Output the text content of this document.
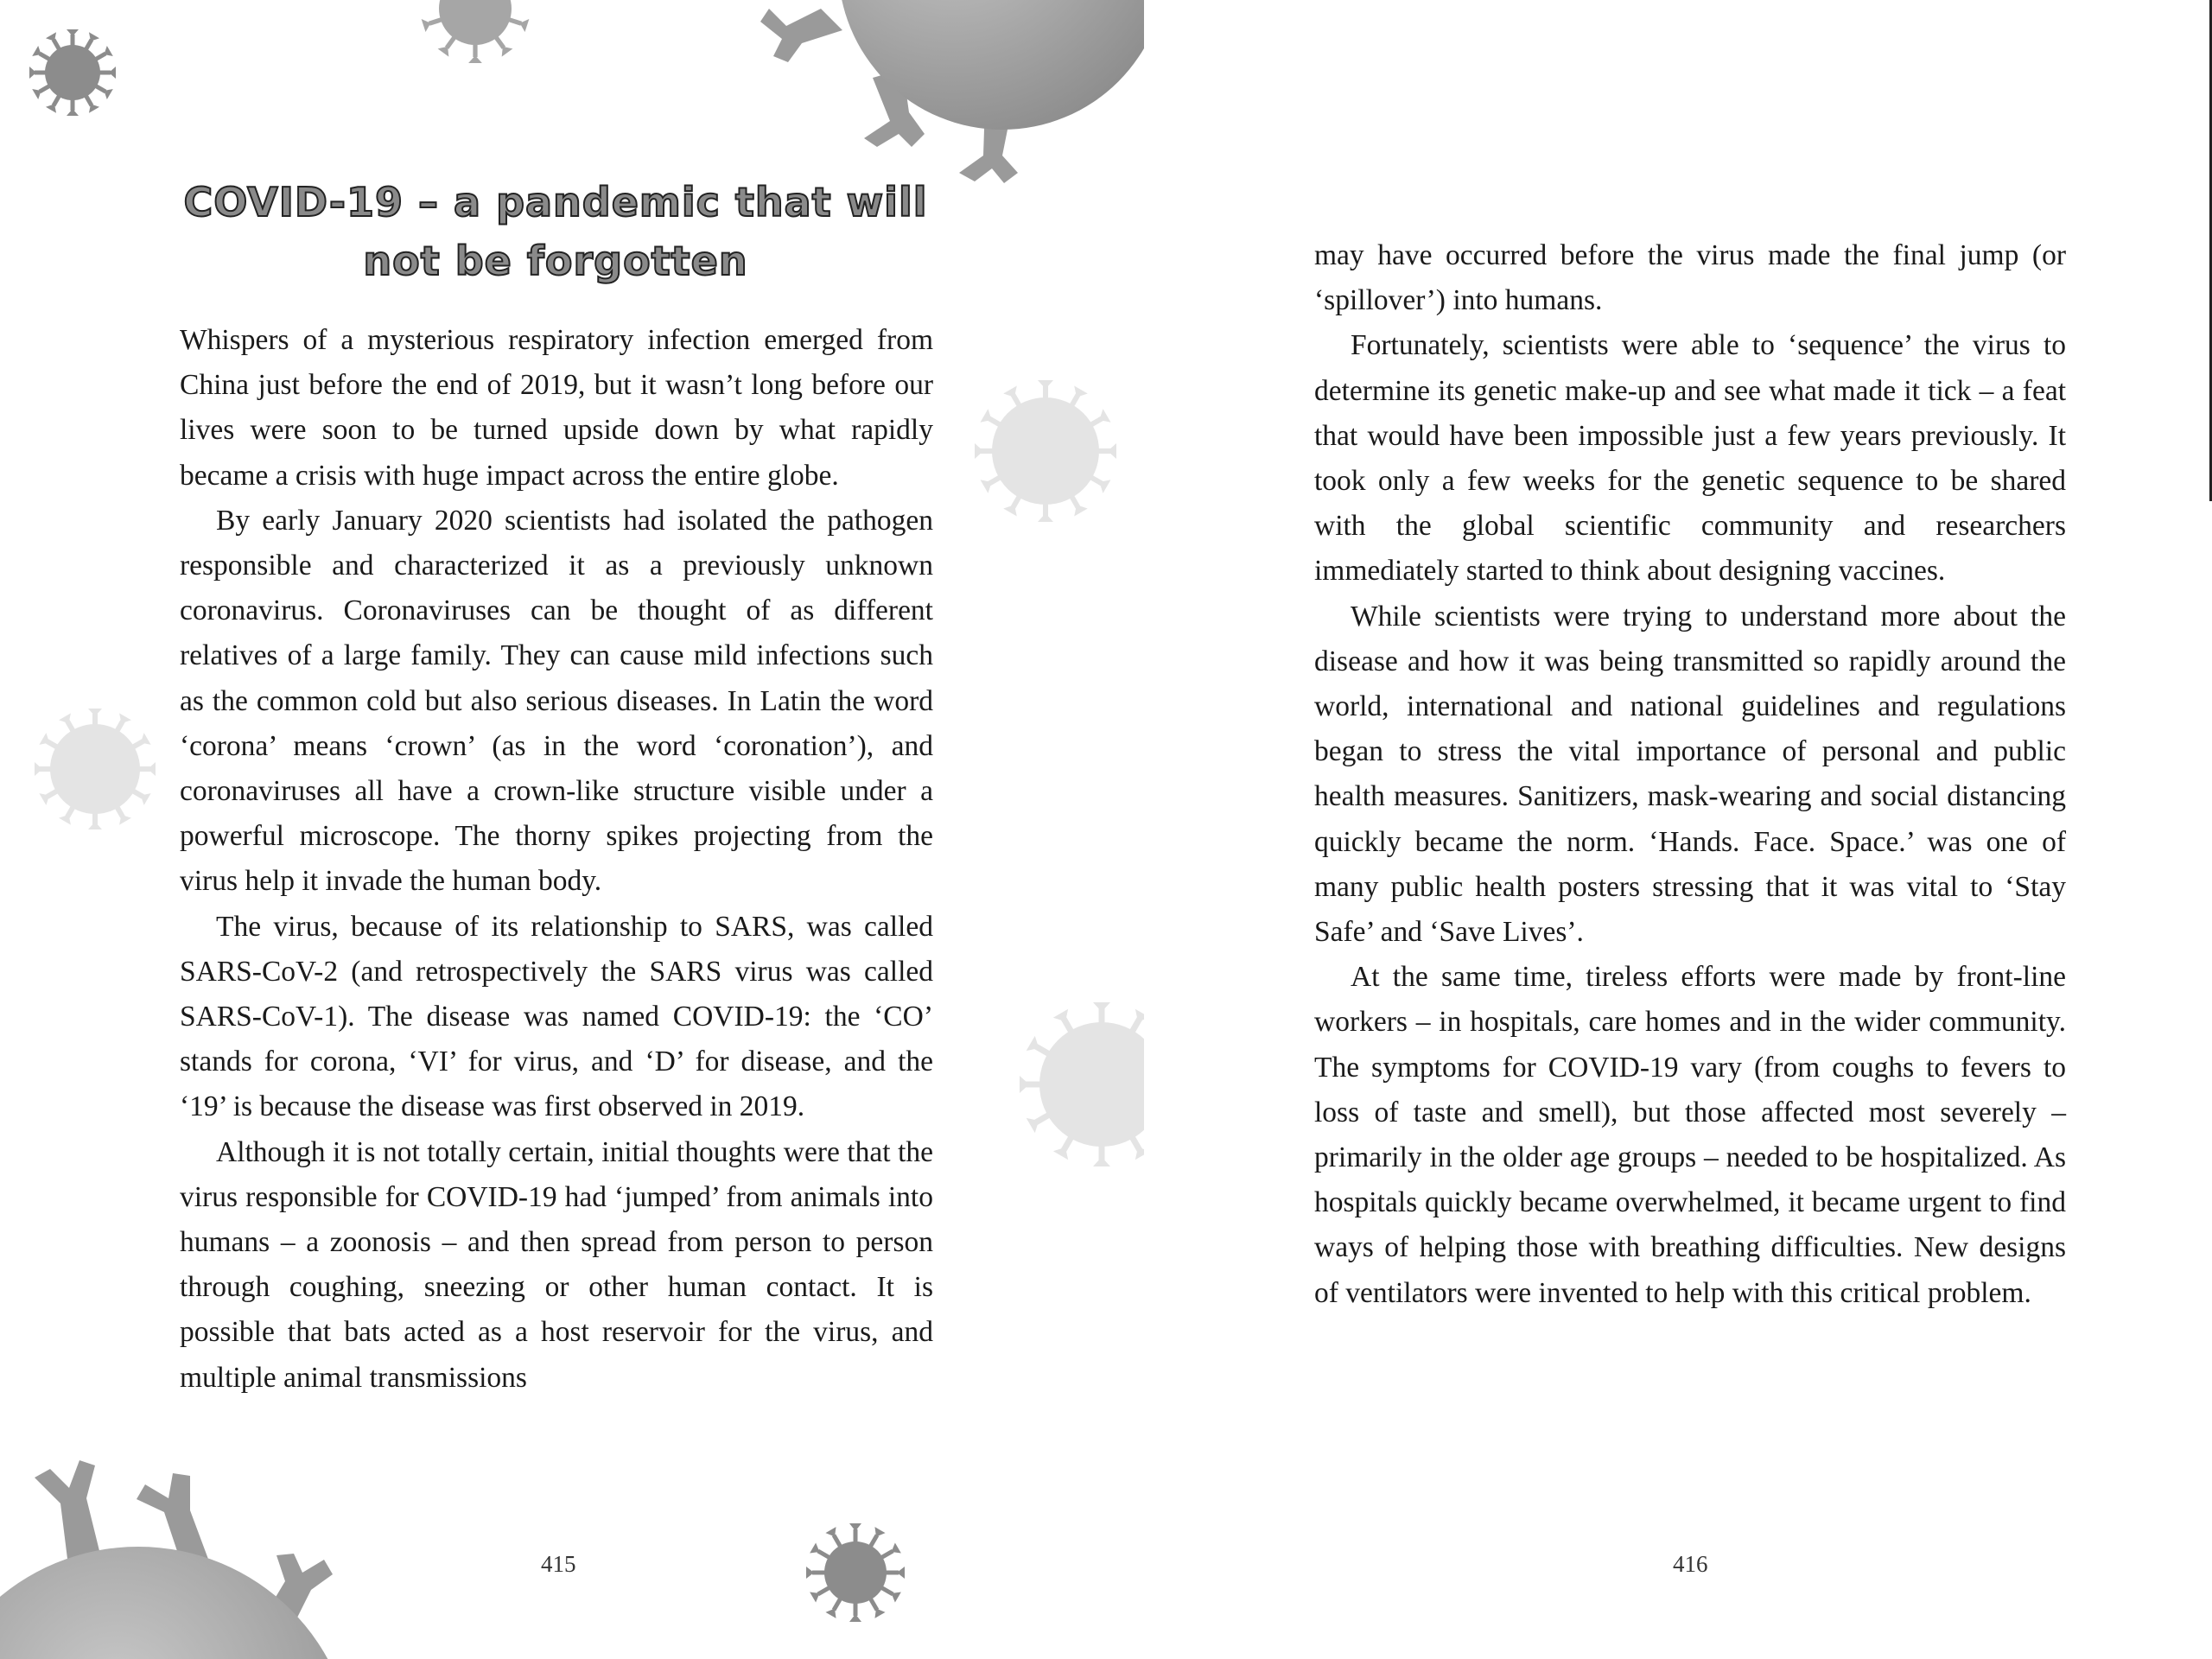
COVID-19 – a pandemic that will not be forgotten

Whispers of a mysterious respiratory infection emerged from China just before the end of 2019, but it wasn’t long before our lives were soon to be turned upside down by what rapidly became a crisis with huge impact across the entire globe.

By early January 2020 scientists had isolated the pathogen responsible and characterized it as a previously unknown coronavirus. Coronaviruses can be thought of as different relatives of a large family. They can cause mild infections such as the common cold but also serious diseases. In Latin the word ‘corona’ means ‘crown’ (as in the word ‘coronation’), and coronaviruses all have a crown-like structure visible under a powerful microscope. The thorny spikes projecting from the virus help it invade the human body.

The virus, because of its relationship to SARS, was called SARS-CoV-2 (and retrospectively the SARS virus was called SARS-CoV-1). The disease was named COVID-19: the ‘CO’ stands for corona, ‘VI’ for virus, and ‘D’ for disease, and the ‘19’ is because the disease was first observed in 2019.

Although it is not totally certain, initial thoughts were that the virus responsible for COVID-19 had ‘jumped’ from animals into humans – a zoonosis – and then spread from person to person through coughing, sneezing or other human contact. It is possible that bats acted as a host reservoir for the virus, and multiple animal transmissions

415

may have occurred before the virus made the final jump (or ‘spillover’) into humans.

Fortunately, scientists were able to ‘sequence’ the virus to determine its genetic make-up and see what made it tick – a feat that would have been impossible just a few years previously. It took only a few weeks for the genetic sequence to be shared with the global scientific community and researchers immediately started to think about designing vaccines.

While scientists were trying to understand more about the disease and how it was being transmitted so rapidly around the world, international and national guidelines and regulations began to stress the vital importance of personal and public health measures. Sanitizers, mask-wearing and social distancing quickly became the norm. ‘Hands. Face. Space.’ was one of many public health posters stressing that it was vital to ‘Stay Safe’ and ‘Save Lives’.

At the same time, tireless efforts were made by front-line workers – in hospitals, care homes and in the wider community. The symptoms for COVID-19 vary (from coughs to fevers to loss of taste and smell), but those affected most severely – primarily in the older age groups – needed to be hospitalized. As hospitals quickly became overwhelmed, it became urgent to find ways of helping those with breathing difficulties. New designs of ventilators were invented to help with this critical problem.

416
